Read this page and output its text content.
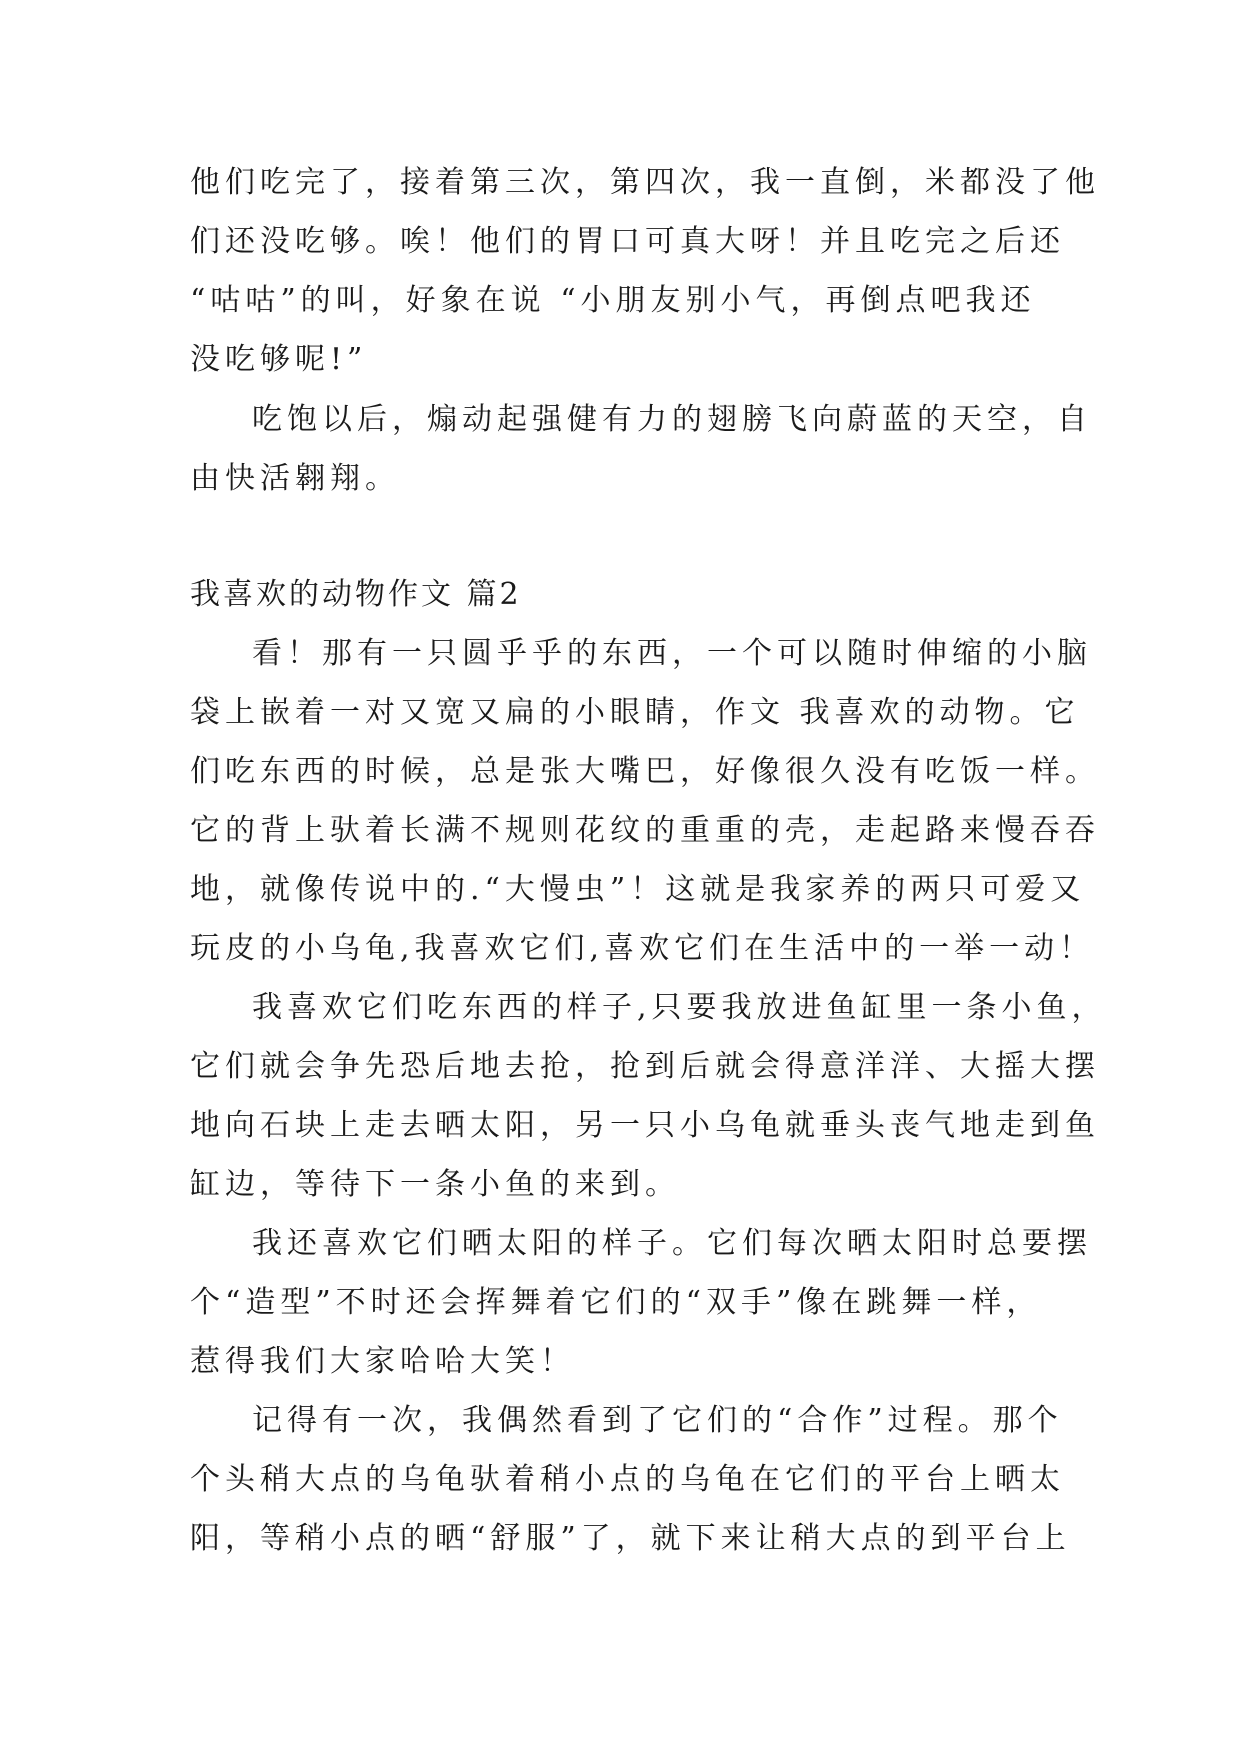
他们吃完了，接着第三次，第四次，我一直倒，米都没了他
们还没吃够。唉！他们的胃口可真大呀！并且吃完之后还
“咕咕”的叫，好象在说 “小朋友别小气，再倒点吧我还
没吃够呢!”
吃饱以后，煽动起强健有力的翅膀飞向蔚蓝的天空，自
由快活翱翔。
我喜欢的动物作文 篇2
看！那有一只圆乎乎的东西，一个可以随时伸缩的小脑
袋上嵌着一对又宽又扁的小眼睛，作文 我喜欢的动物。它
们吃东西的时候，总是张大嘴巴，好像很久没有吃饭一样。
它的背上驮着长满不规则花纹的重重的壳，走起路来慢吞吞
地，就像传说中的.“大慢虫”！这就是我家养的两只可爱又
玩皮的小乌龟,我喜欢它们,喜欢它们在生活中的一举一动！
我喜欢它们吃东西的样子,只要我放进鱼缸里一条小鱼，
它们就会争先恐后地去抢，抢到后就会得意洋洋、大摇大摆
地向石块上走去晒太阳，另一只小乌龟就垂头丧气地走到鱼
缸边，等待下一条小鱼的来到。
我还喜欢它们晒太阳的样子。它们每次晒太阳时总要摆
个“造型”不时还会挥舞着它们的“双手”像在跳舞一样，
惹得我们大家哈哈大笑！
记得有一次，我偶然看到了它们的“合作”过程。那个
个头稍大点的乌龟驮着稍小点的乌龟在它们的平台上晒太
阳，等稍小点的晒“舒服”了，就下来让稍大点的到平台上
